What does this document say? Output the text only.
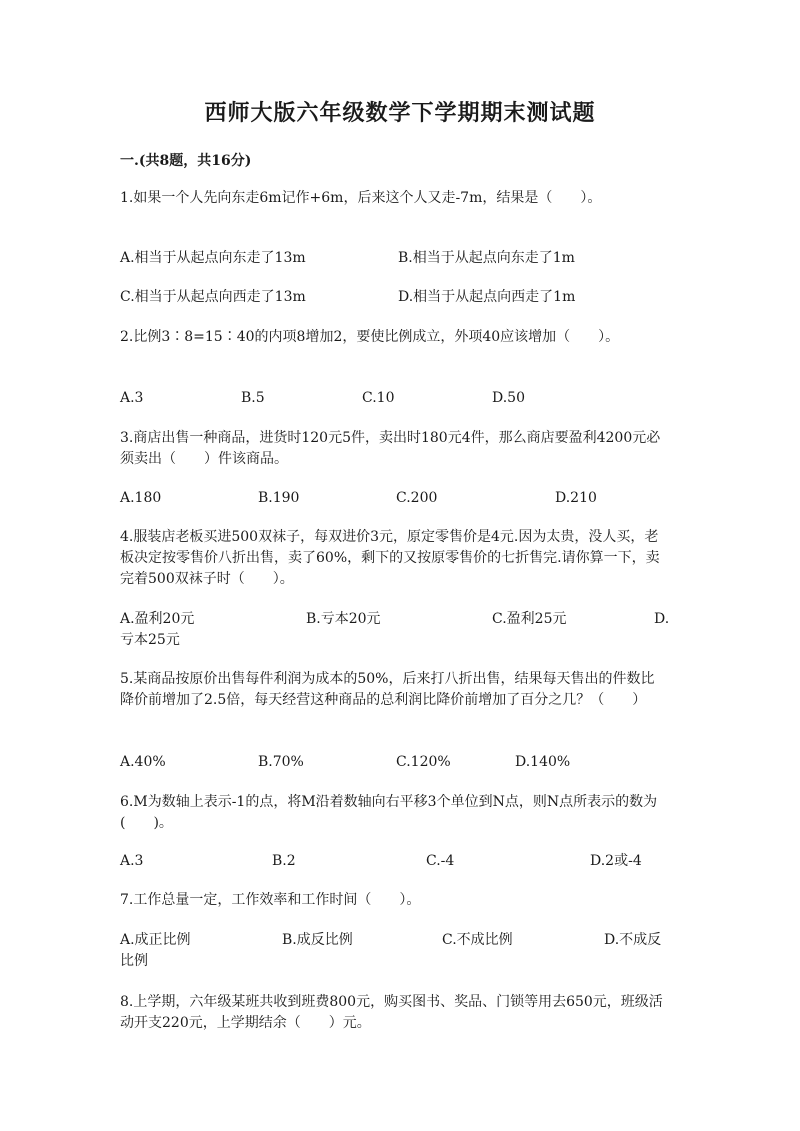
西师大版六年级数学下学期期末测试题
一.(共8题，共16分)
1.如果一个人先向东走6m记作+6m，后来这个人又走-7m，结果是（　　）。
A.相当于从起点向东走了13m	B.相当于从起点向东走了1m
C.相当于从起点向西走了13m	D.相当于从起点向西走了1m
2.比例3∶8=15∶40的内项8增加2，要使比例成立，外项40应该增加（　　）。
A.3	B.5	C.10	D.50
3.商店出售一种商品，进货时120元5件，卖出时180元4件，那么商店要盈利4200元必须卖出（　　）件该商品。
A.180	B.190	C.200	D.210
4.服装店老板买进500双袜子，每双进价3元，原定零售价是4元.因为太贵，没人买，老板决定按零售价八折出售，卖了60%，剩下的又按原零售价的七折售完.请你算一下，卖完着500双袜子时（　　）。
A.盈利20元	B.亏本20元	C.盈利25元	D.亏本25元
5.某商品按原价出售每件利润为成本的50%，后来打八折出售，结果每天售出的件数比降价前增加了2.5倍，每天经营这种商品的总利润比降价前增加了百分之几？（　　）
A.40%	B.70%	C.120%	D.140%
6.M为数轴上表示-1的点，将M沿着数轴向右平移3个单位到N点，则N点所表示的数为(　　)。
A.3	B.2	C.-4	D.2或-4
7.工作总量一定，工作效率和工作时间（　　）。
A.成正比例	B.成反比例	C.不成比例	D.不成反比例
8.上学期，六年级某班共收到班费800元，购买图书、奖品、门锁等用去650元，班级活动开支220元，上学期结余（　　）元。
